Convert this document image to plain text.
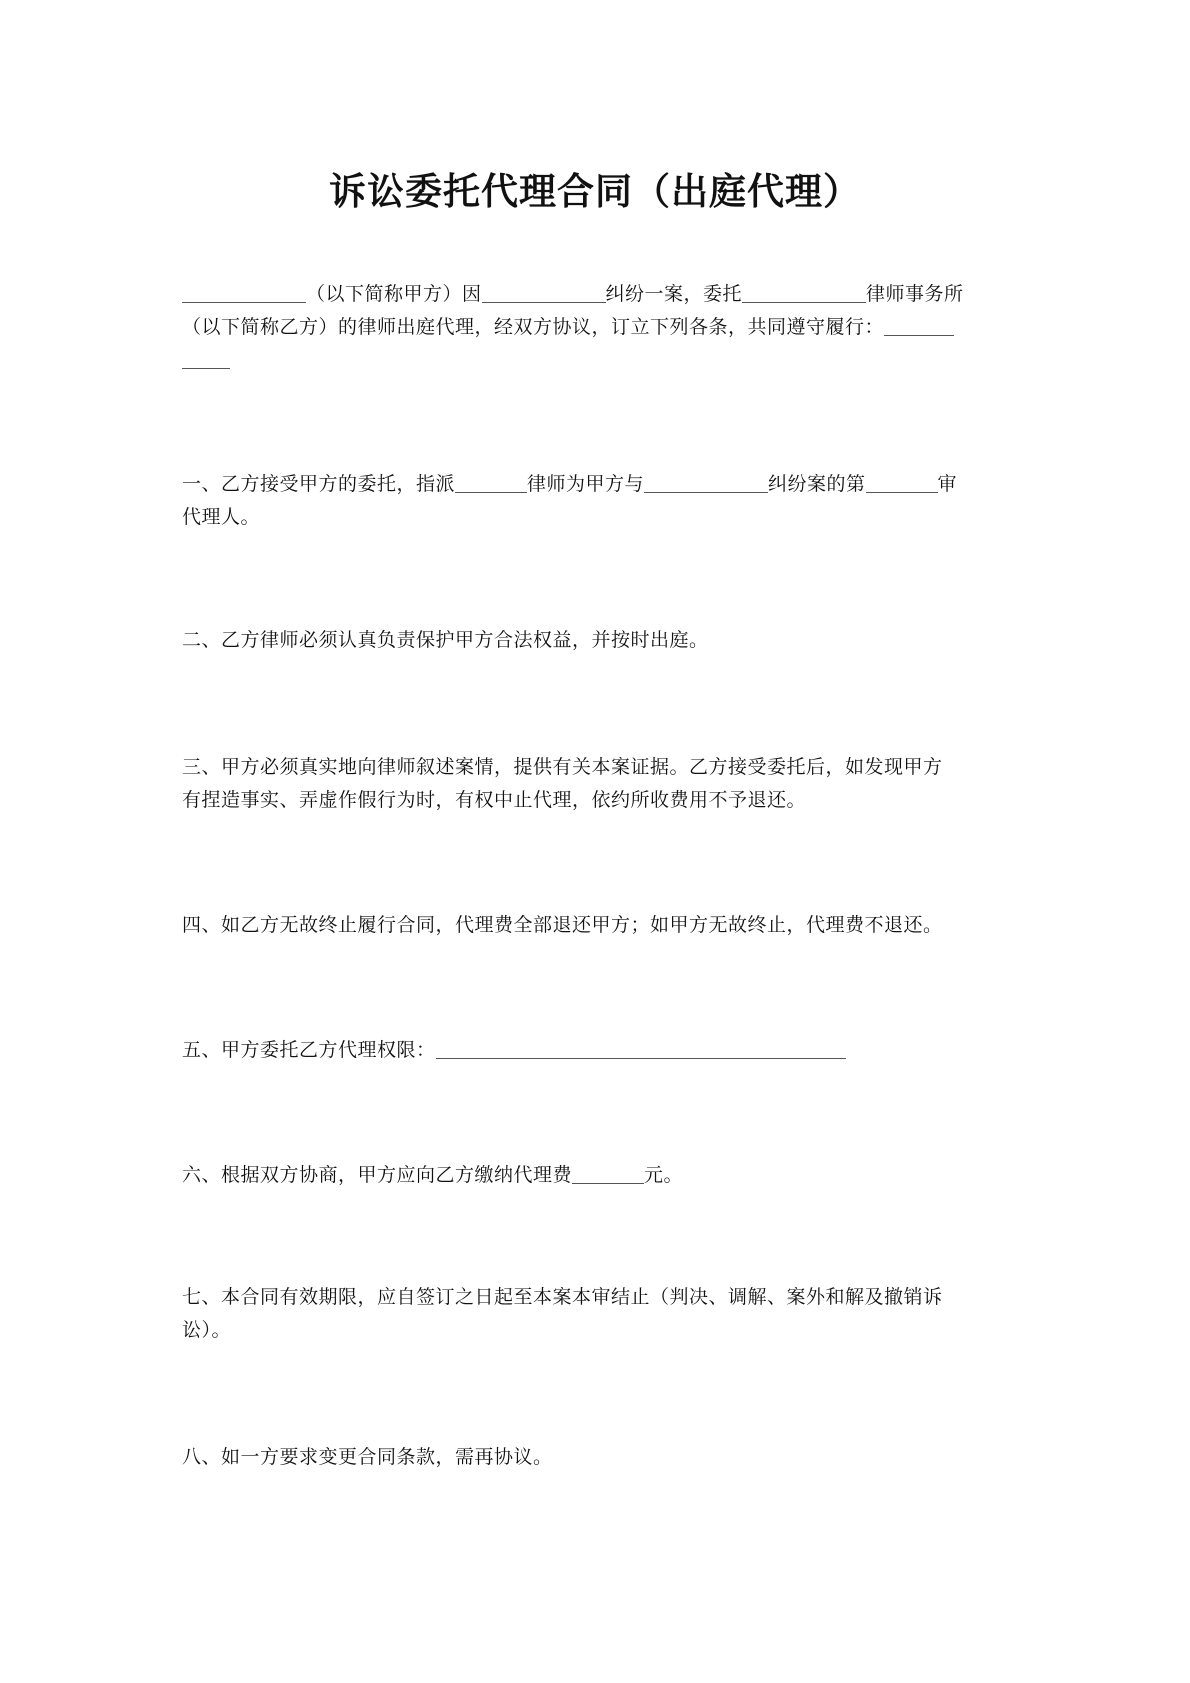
诉讼委托代理合同（出庭代理）
（以下简称甲方）因	纠纷一案，委托	律师事务所
（以下简称乙方）的律师出庭代理，经双方协议，订立下列各条，共同遵守履行：
一、乙方接受甲方的委托，指派	律师为甲方与	纠纷案的第	审
代理人。
二、乙方律师必须认真负责保护甲方合法权益，并按时出庭。
三、甲方必须真实地向律师叙述案情，提供有关本案证据。乙方接受委托后，如发现甲方
有捏造事实、弄虚作假行为时，有权中止代理，依约所收费用不予退还。
四、如乙方无故终止履行合同，代理费全部退还甲方；如甲方无故终止，代理费不退还。
五、甲方委托乙方代理权限：
六、根据双方协商，甲方应向乙方缴纳代理费	元。
七、本合同有效期限，应自签订之日起至本案本审结止（判决、调解、案外和解及撤销诉
讼）。
八、如一方要求变更合同条款，需再协议。
